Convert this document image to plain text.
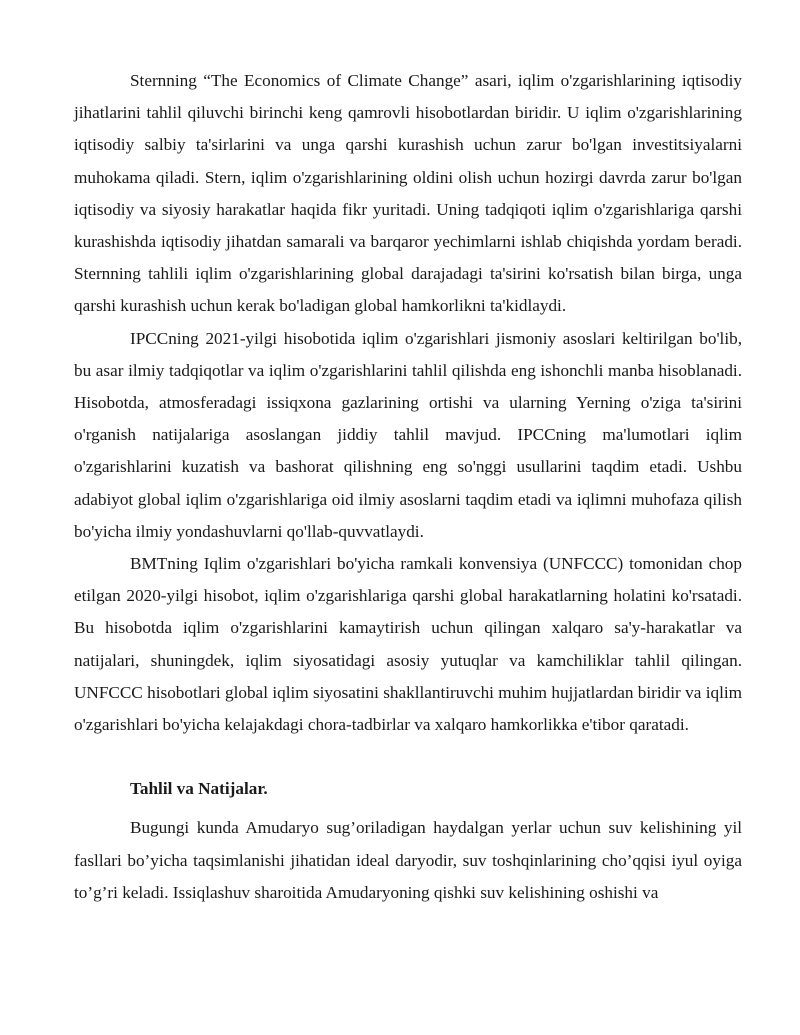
Sternning “The Economics of Climate Change” asari, iqlim o'zgarishlarining iqtisodiy jihatlarini tahlil qiluvchi birinchi keng qamrovli hisobotlardan biridir. U iqlim o'zgarishlarining iqtisodiy salbiy ta'sirlarini va unga qarshi kurashish uchun zarur bo'lgan investitsiyalarni muhokama qiladi. Stern, iqlim o'zgarishlarining oldini olish uchun hozirgi davrda zarur bo'lgan iqtisodiy va siyosiy harakatlar haqida fikr yuritadi. Uning tadqiqoti iqlim o'zgarishlariga qarshi kurashishda iqtisodiy jihatdan samarali va barqaror yechimlarni ishlab chiqishda yordam beradi. Sternning tahlili iqlim o'zgarishlarining global darajadagi ta'sirini ko'rsatish bilan birga, unga qarshi kurashish uchun kerak bo'ladigan global hamkorlikni ta'kidlaydi.

IPCCning 2021-yilgi hisobotida iqlim o'zgarishlari jismoniy asoslari keltirilgan bo'lib, bu asar ilmiy tadqiqotlar va iqlim o'zgarishlarini tahlil qilishda eng ishonchli manba hisoblanadi. Hisobotda, atmosferadagi issiqxona gazlarining ortishi va ularning Yerning o'ziga ta'sirini o'rganish natijalariga asoslangan jiddiy tahlil mavjud. IPCCning ma'lumotlari iqlim o'zgarishlarini kuzatish va bashorat qilishning eng so'nggi usullarini taqdim etadi. Ushbu adabiyot global iqlim o'zgarishlariga oid ilmiy asoslarni taqdim etadi va iqlimni muhofaza qilish bo'yicha ilmiy yondashuvlarni qo'llab-quvvatlaydi.

BMTning Iqlim o'zgarishlari bo'yicha ramkali konvensiya (UNFCCC) tomonidan chop etilgan 2020-yilgi hisobot, iqlim o'zgarishlariga qarshi global harakatlarning holatini ko'rsatadi. Bu hisobotda iqlim o'zgarishlarini kamaytirish uchun qilingan xalqaro sa'y-harakatlar va natijalari, shuningdek, iqlim siyosatidagi asosiy yutuqlar va kamchiliklar tahlil qilingan. UNFCCC hisobotlari global iqlim siyosatini shakllantiruvchi muhim hujjatlardan biridir va iqlim o'zgarishlari bo'yicha kelajakdagi chora-tadbirlar va xalqaro hamkorlikka e'tibor qaratadi.

Tahlil va Natijalar.

Bugungi kunda Amudaryo sug’oriladigan haydalgan yerlar uchun suv kelishining yil fasllari bo’yicha taqsimlanishi jihatidan ideal daryodir, suv toshqinlarining cho’qqisi iyul oyiga to’g’ri keladi. Issiqlashuv sharoitida Amudaryoning qishki suv kelishining oshishi va
